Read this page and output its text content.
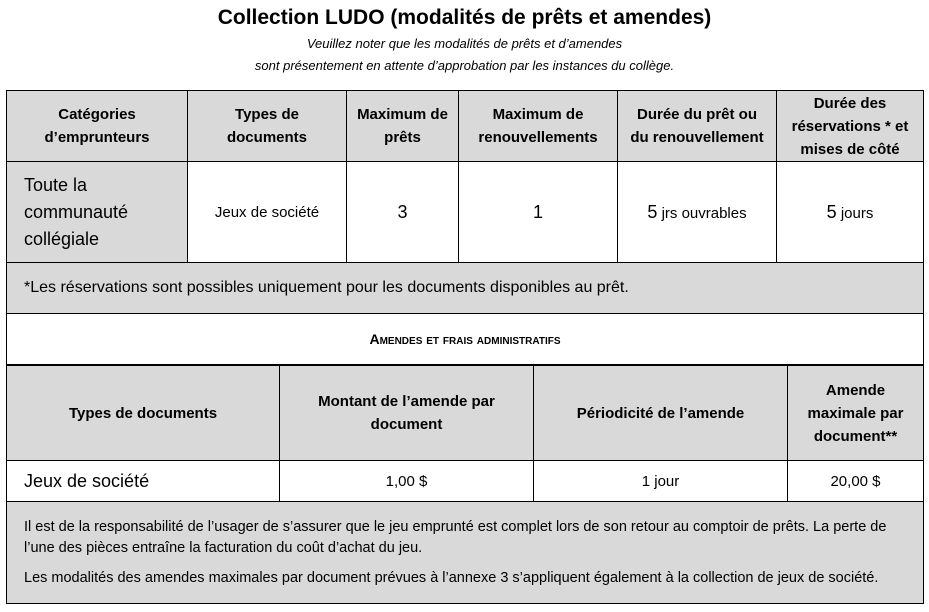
Collection LUDO (modalités de prêts et amendes)
Veuillez noter que les modalités de prêts et d’amendes
sont présentement en attente d’approbation par les instances du collège.
Catégories d’emprunteurs	Types de documents	Maximum de prêts	Maximum de renouvellements	Durée du prêt ou du renouvellement	Durée des réservations * et mises de côté
Toute la communauté collégiale	Jeux de société	3	1	5 jrs ouvrables	5 jours
*Les réservations sont possibles uniquement pour les documents disponibles au prêt.					
Amendes et frais administratifs					
Types de documents	Montant de l’amende par document	Périodicité de l’amende	Amende maximale par document**
Jeux de société	1,00 $	1 jour	20,00 $

Il est de la responsabilité de l’usager de s’assurer que le jeu emprunté est complet lors de son retour au comptoir de prêts. La perte de l’une des pièces entraîne la facturation du coût d’achat du jeu.

Les modalités des amendes maximales par document prévues à l’annexe 3 s’appliquent également à la collection de jeux de société.			
